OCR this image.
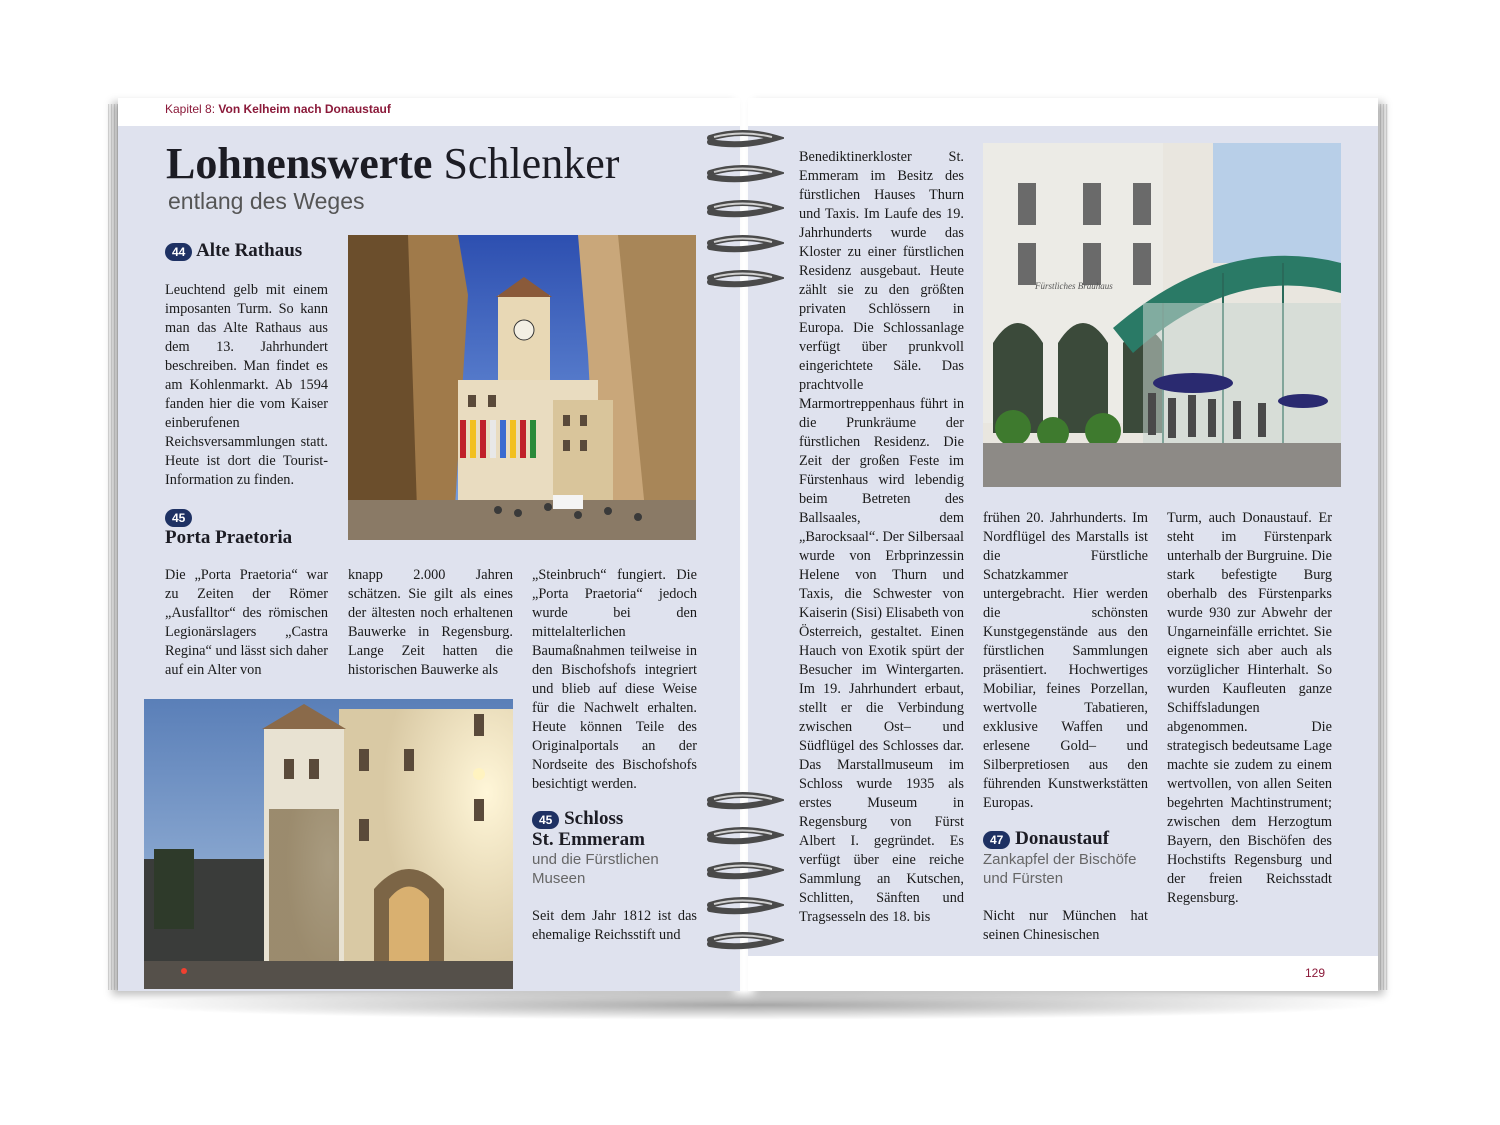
Kapitel 8: Von Kelheim nach Donaustauf
Lohnenswerte Schlenker
entlang des Weges
44 Alte Rathaus
Leuchtend gelb mit einem imposanten Turm. So kann man das Alte Rathaus aus dem 13. Jahrhundert beschreiben. Man findet es am Kohlenmarkt. Ab 1594 fanden hier die vom Kaiser einberufenen Reichsversammlungen statt. Heute ist dort die Tourist-Information zu finden.
45
Porta Praetoria
Die „Porta Praetoria“ war zu Zeiten der Römer „Ausfalltor“ des römischen Legionärslagers „Castra Regina“ und lässt sich daher auf ein Alter von
knapp 2.000 Jahren schätzen. Sie gilt als eines der ältesten noch erhaltenen Bauwerke in Regensburg. Lange Zeit hatten die historischen Bauwerke als
„Steinbruch“ fungiert. Die „Porta Praetoria“ jedoch wurde bei den mittelalterlichen Baumaßnahmen teilweise in den Bischofshofs integriert und blieb auf diese Weise für die Nachwelt erhalten. Heute können Teile des Originalportals an der Nordseite des Bischofshofs besichtigt werden.
45 Schloss
St. Emmeram
und die Fürstlichen Museen
Seit dem Jahr 1812 ist das ehemalige Reichsstift und
Benediktinerkloster St. Emmeram im Besitz des fürstlichen Hauses Thurn und Taxis. Im Laufe des 19. Jahrhunderts wurde das Kloster zu einer fürstlichen Residenz ausgebaut. Heute zählt sie zu den größten privaten Schlössern in Europa. Die Schlossanlage verfügt über prunkvoll eingerichtete Säle. Das prachtvolle Marmortreppenhaus führt in die Prunkräume der fürstlichen Residenz. Die Zeit der großen Feste im Fürstenhaus wird lebendig beim Betreten des Ballsaales, dem „Barocksaal“. Der Silbersaal wurde von Erbprinzessin Helene von Thurn und Taxis, die Schwester von Kaiserin (Sisi) Elisabeth von Österreich, gestaltet. Einen Hauch von Exotik spürt der Besucher im Wintergarten. Im 19. Jahrhundert erbaut, stellt er die Verbindung zwischen Ost– und Südflügel des Schlosses dar. Das Marstallmuseum im Schloss wurde 1935 als erstes Museum in Regensburg von Fürst Albert I. gegründet. Es verfügt über eine reiche Sammlung an Kutschen, Schlitten, Sänften und Tragsesseln des 18. bis
Fürstliches Brauhaus
frühen 20. Jahrhunderts. Im Nordflügel des Marstalls ist die Fürstliche Schatzkammer untergebracht. Hier werden die schönsten Kunstgegenstände aus den fürstlichen Sammlungen präsentiert. Hochwertiges Mobiliar, feines Porzellan, wertvolle Tabatieren, exklusive Waffen und erlesene Gold– und Silberpretiosen aus den führenden Kunstwerkstätten Europas.
47 Donaustauf
Zankapfel der Bischöfe und Fürsten
Nicht nur München hat seinen Chinesischen
Turm, auch Donaustauf. Er steht im Fürstenpark unterhalb der Burgruine. Die stark befestigte Burg oberhalb des Fürstenparks wurde 930 zur Abwehr der Ungarneinfälle errichtet. Sie eignete sich aber auch als vorzüglicher Hinterhalt. So wurden Kaufleuten ganze Schiffsladungen abgenommen. Die strategisch bedeutsame Lage machte sie zudem zu einem wertvollen, von allen Seiten begehrten Machtinstrument; zwischen dem Herzogtum Bayern, den Bischöfen des Hochstifts Regensburg und der freien Reichsstadt Regensburg.
129
